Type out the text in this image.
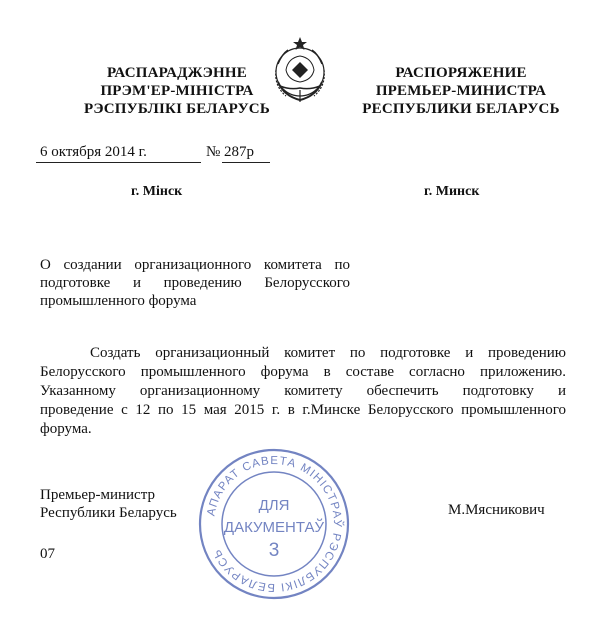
РАСПАРАДЖЭННЕ
ПРЭМ'ЕР-МІНІСТРА
РЭСПУБЛІКІ БЕЛАРУСЬ
РАСПОРЯЖЕНИЕ
ПРЕМЬЕР-МИНИСТРА
РЕСПУБЛИКИ БЕЛАРУСЬ
6 октября 2014 г.	№ 287р
г. Мінск	г. Минск
О создании организационного комитета по
подготовке и проведению Белорусского
промышленного форума
Создать организационный комитет по подготовке и проведению
Белорусского промышленного форума в составе согласно приложению.
Указанному организационному комитету обеспечить подготовку и
проведение с 12 по 15 мая 2015 г. в г.Минске Белорусского промышленного
форума.
Премьер-министр
Республики Беларусь	М.Мясникович
07
АПАРАТ САВЕТА МІНІСТРАЎ РЭСПУБЛІКІ БЕЛАРУСЬ
ДЛЯ
ДАКУМЕНТАЎ
3
